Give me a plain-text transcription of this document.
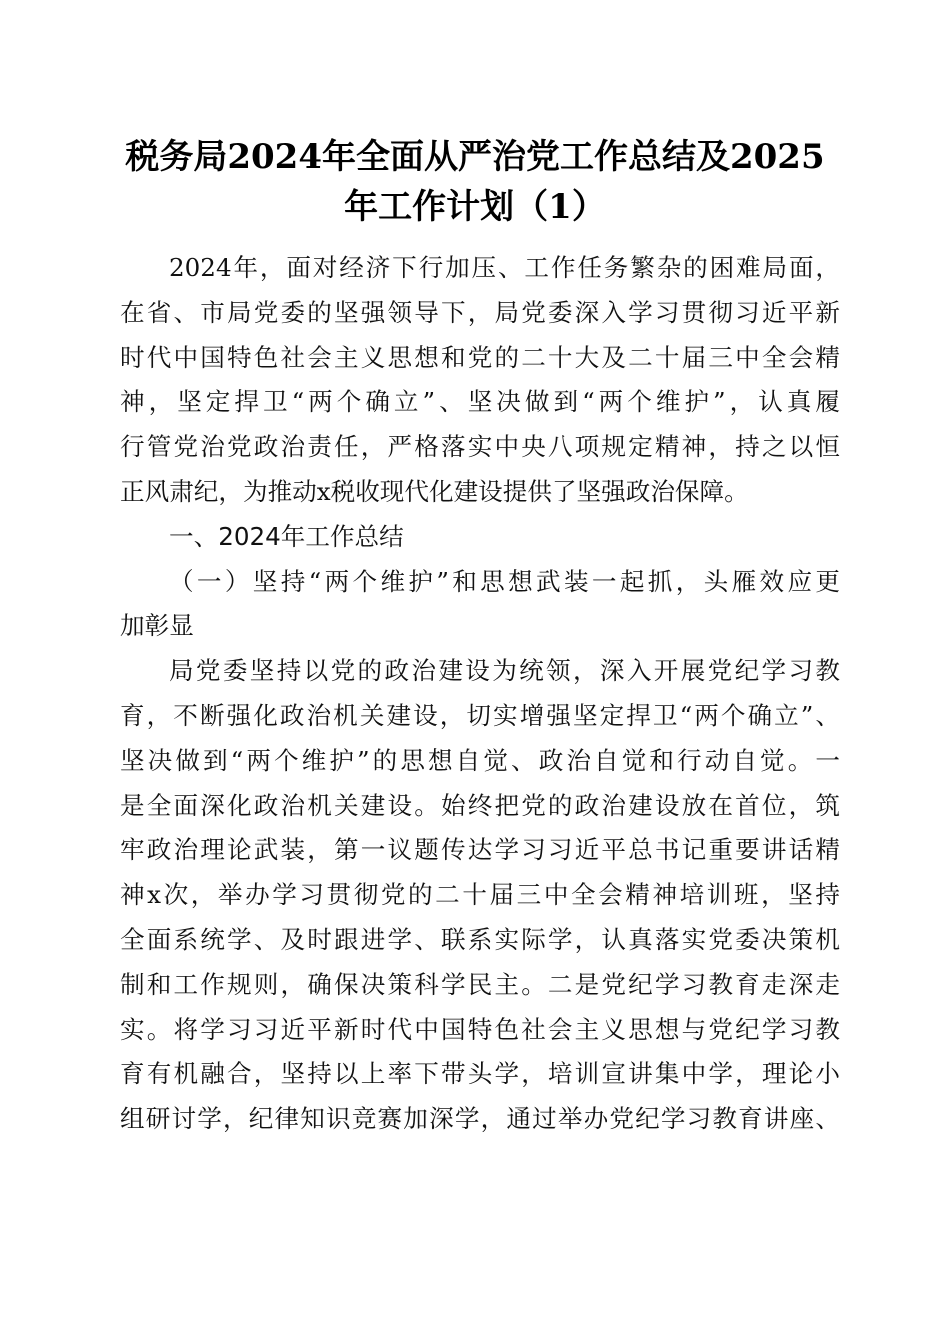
税务局2024年全面从严治党工作总结及2025
年工作计划（1）
2024年，面对经济下行加压、工作任务繁杂的困难局面，
在省、市局党委的坚强领导下，局党委深入学习贯彻习近平新
时代中国特色社会主义思想和党的二十大及二十届三中全会精
神，坚定捍卫“两个确立”、坚决做到“两个维护”，认真履
行管党治党政治责任，严格落实中央八项规定精神，持之以恒
正风肃纪，为推动x税收现代化建设提供了坚强政治保障。
一、2024年工作总结
（一）坚持“两个维护”和思想武装一起抓，头雁效应更
加彰显
局党委坚持以党的政治建设为统领，深入开展党纪学习教
育，不断强化政治机关建设，切实增强坚定捍卫“两个确立”、
坚决做到“两个维护”的思想自觉、政治自觉和行动自觉。一
是全面深化政治机关建设。始终把党的政治建设放在首位，筑
牢政治理论武装，第一议题传达学习习近平总书记重要讲话精
神x次，举办学习贯彻党的二十届三中全会精神培训班，坚持
全面系统学、及时跟进学、联系实际学，认真落实党委决策机
制和工作规则，确保决策科学民主。二是党纪学习教育走深走
实。将学习习近平新时代中国特色社会主义思想与党纪学习教
育有机融合，坚持以上率下带头学，培训宣讲集中学，理论小
组研讨学，纪律知识竞赛加深学，通过举办党纪学习教育讲座、
